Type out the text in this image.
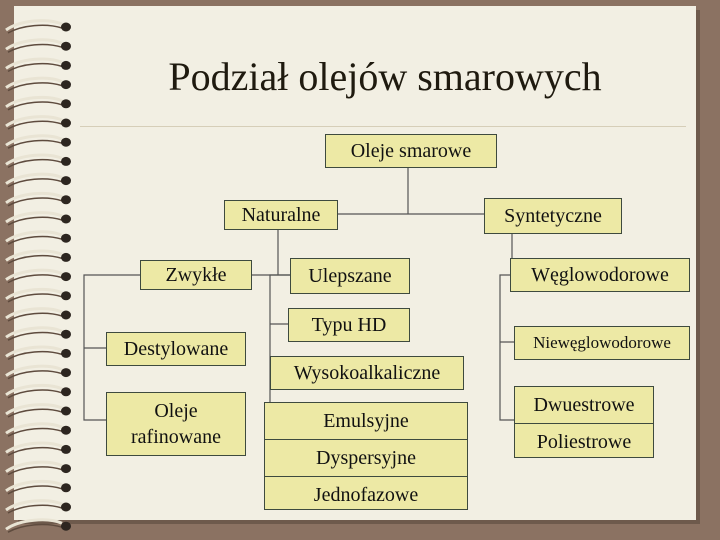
Podział olejów smarowych
Oleje smarowe
Naturalne	Syntetyczne
Zwykłe	Ulepszane	Węglowodorowe
Destylowane
Typu HD
Niewęglowodorowe
Wysokoalkaliczne
Oleje
rafinowane
Emulsyjne
Dyspersyjne
Jednofazowe
Dwuestrowe
Poliestrowe
